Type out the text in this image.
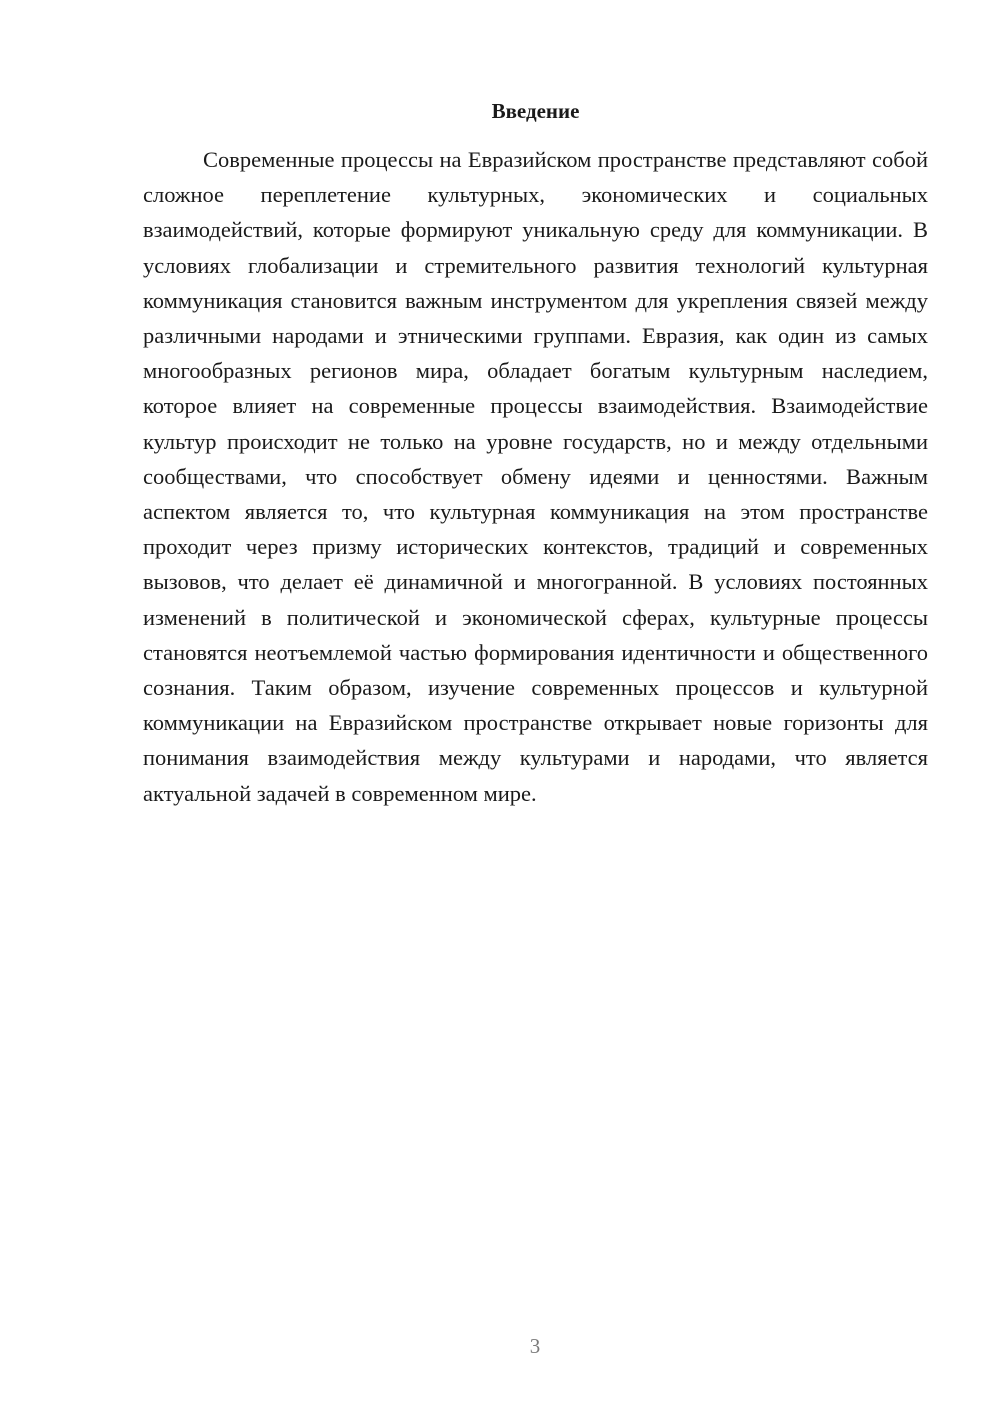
Введение

Современные процессы на Евразийском пространстве представляют собой сложное переплетение культурных, экономических и социальных взаимодействий, которые формируют уникальную среду для коммуникации. В условиях глобализации и стремительного развития технологий культурная коммуникация становится важным инструментом для укрепления связей между различными народами и этническими группами. Евразия, как один из самых многообразных регионов мира, обладает богатым культурным наследием, которое влияет на современные процессы взаимодействия. Взаимодействие культур происходит не только на уровне государств, но и между отдельными сообществами, что способствует обмену идеями и ценностями. Важным аспектом является то, что культурная коммуникация на этом пространстве проходит через призму исторических контекстов, традиций и современных вызовов, что делает её динамичной и многогранной. В условиях постоянных изменений в политической и экономической сферах, культурные процессы становятся неотъемлемой частью формирования идентичности и общественного сознания. Таким образом, изучение современных процессов и культурной коммуникации на Евразийском пространстве открывает новые горизонты для понимания взаимодействия между культурами и народами, что является актуальной задачей в современном мире.

3
